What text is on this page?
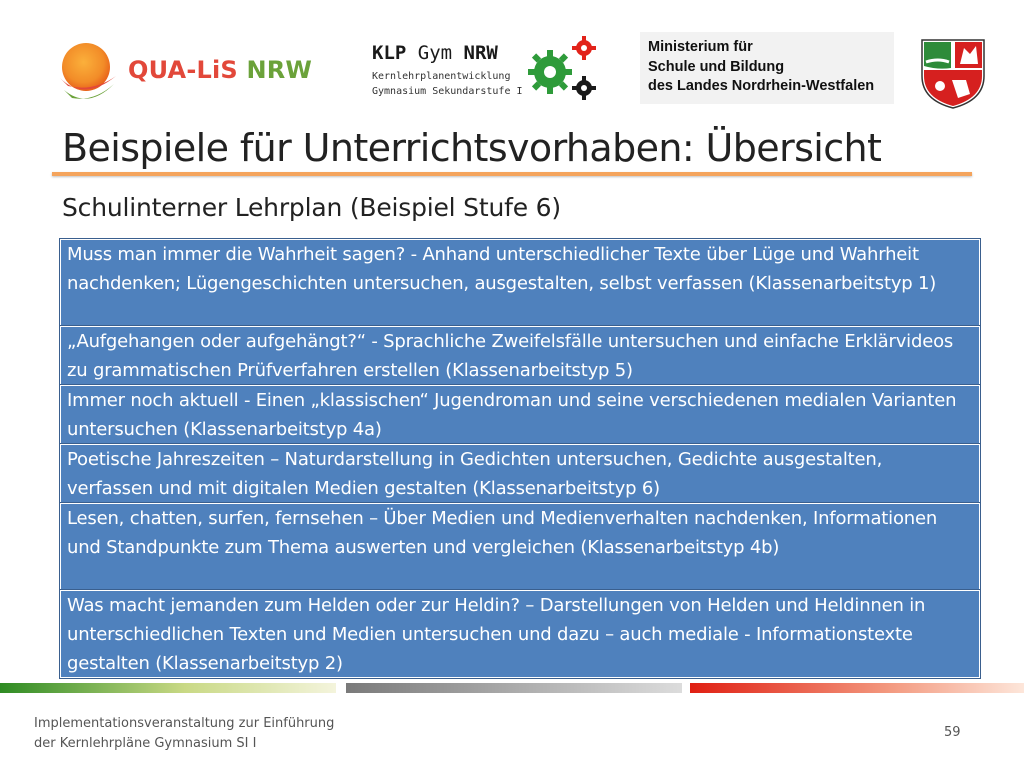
QUA-LiS NRW
KLP Gym NRW
Kernlehrplanentwicklung
Gymnasium Sekundarstufe I
Ministerium für
Schule und Bildung
des Landes Nordrhein-Westfalen
Beispiele für Unterrichtsvorhaben: Übersicht
Schulinterner Lehrplan (Beispiel Stufe 6)
Muss man immer die Wahrheit sagen? - Anhand unterschiedlicher Texte über Lüge und Wahrheit nachdenken; Lügengeschichten untersuchen, ausgestalten, selbst verfassen (Klassenarbeitstyp 1)
„Aufgehangen oder aufgehängt?“ - Sprachliche Zweifelsfälle untersuchen und einfache Erklärvideos zu grammatischen Prüfverfahren erstellen (Klassenarbeitstyp 5)
Immer noch aktuell - Einen „klassischen“ Jugendroman und seine verschiedenen medialen Varianten untersuchen (Klassenarbeitstyp 4a)
Poetische Jahreszeiten – Naturdarstellung in Gedichten untersuchen, Gedichte ausgestalten, verfassen und mit digitalen Medien gestalten (Klassenarbeitstyp 6)
Lesen, chatten, surfen, fernsehen – Über Medien und Medienverhalten nachdenken, Informationen und Standpunkte zum Thema auswerten und vergleichen (Klassenarbeitstyp 4b)
Was macht jemanden zum Helden oder zur Heldin? – Darstellungen von Helden und Heldinnen in unterschiedlichen Texten und Medien untersuchen und dazu – auch mediale - Informationstexte gestalten (Klassenarbeitstyp 2)
Implementationsveranstaltung zur Einführung
der Kernlehrpläne Gymnasium SI I
59
